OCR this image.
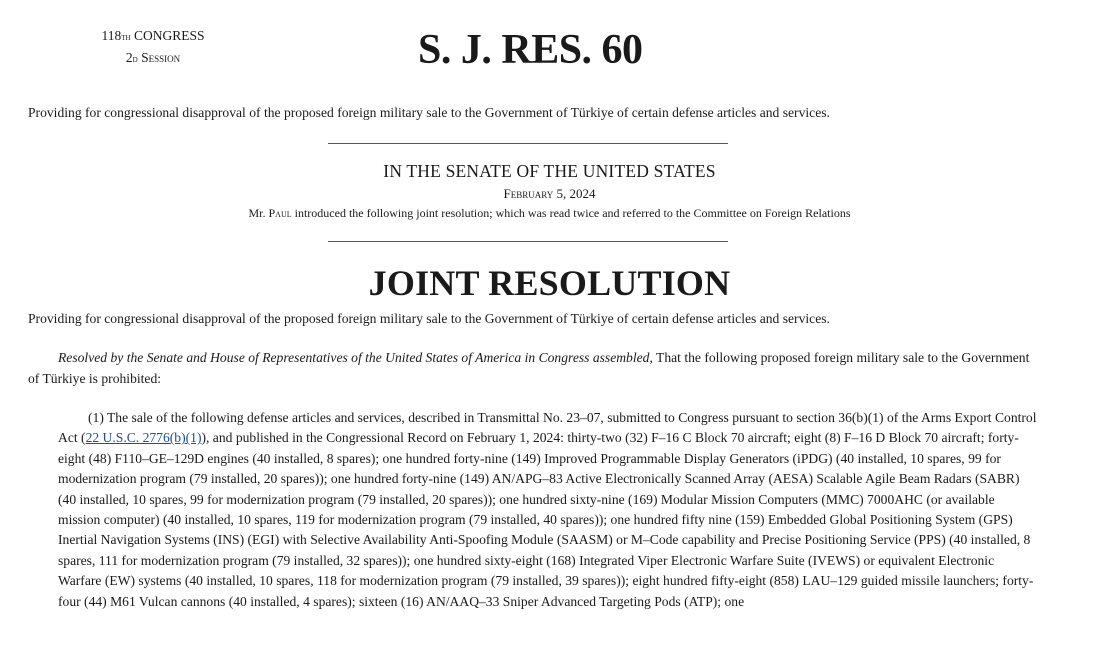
118th CONGRESS
2d Session	S. J. RES. 60
Providing for congressional disapproval of the proposed foreign military sale to the Government of Türkiye of certain defense articles and services.
IN THE SENATE OF THE UNITED STATES
February 5, 2024
Mr. Paul introduced the following joint resolution; which was read twice and referred to the Committee on Foreign Relations
JOINT RESOLUTION
Providing for congressional disapproval of the proposed foreign military sale to the Government of Türkiye of certain defense articles and services.
Resolved by the Senate and House of Representatives of the United States of America in Congress assembled, That the following proposed foreign military sale to the Government of Türkiye is prohibited:
(1) The sale of the following defense articles and services, described in Transmittal No. 23–07, submitted to Congress pursuant to section 36(b)(1) of the Arms Export Control Act (22 U.S.C. 2776(b)(1)), and published in the Congressional Record on February 1, 2024: thirty-two (32) F–16 C Block 70 aircraft; eight (8) F–16 D Block 70 aircraft; forty-eight (48) F110–GE–129D engines (40 installed, 8 spares); one hundred forty-nine (149) Improved Programmable Display Generators (iPDG) (40 installed, 10 spares, 99 for modernization program (79 installed, 20 spares)); one hundred forty-nine (149) AN/APG–83 Active Electronically Scanned Array (AESA) Scalable Agile Beam Radars (SABR) (40 installed, 10 spares, 99 for modernization program (79 installed, 20 spares)); one hundred sixty-nine (169) Modular Mission Computers (MMC) 7000AHC (or available mission computer) (40 installed, 10 spares, 119 for modernization program (79 installed, 40 spares)); one hundred fifty nine (159) Embedded Global Positioning System (GPS) Inertial Navigation Systems (INS) (EGI) with Selective Availability Anti-Spoofing Module (SAASM) or M–Code capability and Precise Positioning Service (PPS) (40 installed, 8 spares, 111 for modernization program (79 installed, 32 spares)); one hundred sixty-eight (168) Integrated Viper Electronic Warfare Suite (IVEWS) or equivalent Electronic Warfare (EW) systems (40 installed, 10 spares, 118 for modernization program (79 installed, 39 spares)); eight hundred fifty-eight (858) LAU–129 guided missile launchers; forty-four (44) M61 Vulcan cannons (40 installed, 4 spares); sixteen (16) AN/AAQ–33 Sniper Advanced Targeting Pods (ATP); one
